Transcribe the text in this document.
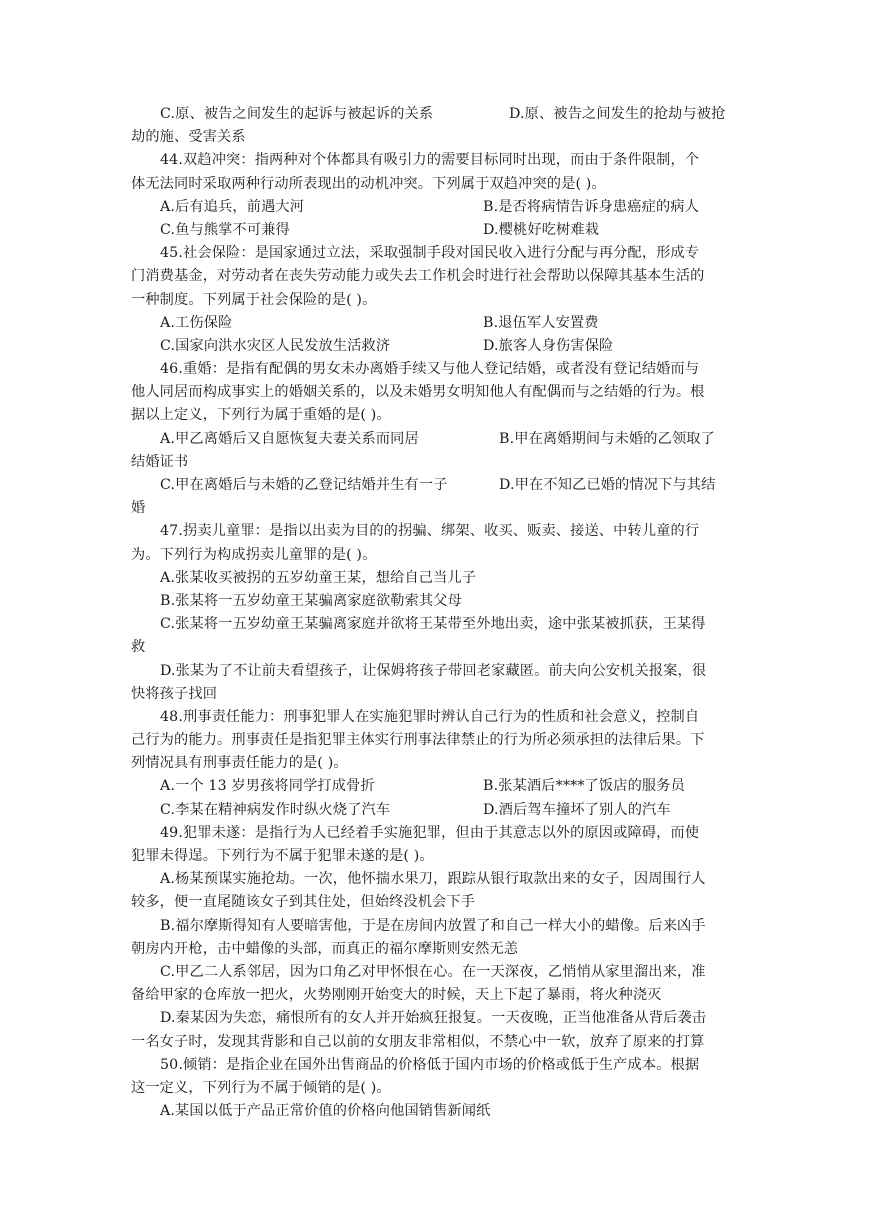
C.原、被告之间发生的起诉与被起诉的关系	D.原、被告之间发生的抢劫与被抢
劫的施、受害关系
44.双趋冲突：指两种对个体都具有吸引力的需要目标同时出现，而由于条件限制，个
体无法同时采取两种行动所表现出的动机冲突。下列属于双趋冲突的是( )。
A.后有追兵，前遇大河	B.是否将病情告诉身患癌症的病人
C.鱼与熊掌不可兼得	D.樱桃好吃树难栽
45.社会保险：是国家通过立法，采取强制手段对国民收入进行分配与再分配，形成专
门消费基金，对劳动者在丧失劳动能力或失去工作机会时进行社会帮助以保障其基本生活的
一种制度。下列属于社会保险的是( )。
A.工伤保险	B.退伍军人安置费
C.国家向洪水灾区人民发放生活救济	D.旅客人身伤害保险
46.重婚：是指有配偶的男女未办离婚手续又与他人登记结婚，或者没有登记结婚而与
他人同居而构成事实上的婚姻关系的，以及未婚男女明知他人有配偶而与之结婚的行为。根
据以上定义，下列行为属于重婚的是( )。
A.甲乙离婚后又自愿恢复夫妻关系而同居	B.甲在离婚期间与未婚的乙领取了
结婚证书
C.甲在离婚后与未婚的乙登记结婚并生有一子	D.甲在不知乙已婚的情况下与其结
婚
47.拐卖儿童罪：是指以出卖为目的的拐骗、绑架、收买、贩卖、接送、中转儿童的行
为。下列行为构成拐卖儿童罪的是( )。
A.张某收买被拐的五岁幼童王某，想给自己当儿子
B.张某将一五岁幼童王某骗离家庭欲勒索其父母
C.张某将一五岁幼童王某骗离家庭并欲将王某带至外地出卖，途中张某被抓获，王某得
救
D.张某为了不让前夫看望孩子，让保姆将孩子带回老家藏匿。前夫向公安机关报案，很
快将孩子找回
48.刑事责任能力：刑事犯罪人在实施犯罪时辨认自己行为的性质和社会意义，控制自
己行为的能力。刑事责任是指犯罪主体实行刑事法律禁止的行为所必须承担的法律后果。下
列情况具有刑事责任能力的是( )。
A.一个 13 岁男孩将同学打成骨折	B.张某酒后****了饭店的服务员
C.李某在精神病发作时纵火烧了汽车	D.酒后驾车撞坏了别人的汽车
49.犯罪未遂：是指行为人已经着手实施犯罪，但由于其意志以外的原因或障碍，而使
犯罪未得逞。下列行为不属于犯罪未遂的是( )。
A.杨某预谋实施抢劫。一次，他怀揣水果刀，跟踪从银行取款出来的女子，因周围行人
较多，便一直尾随该女子到其住处，但始终没机会下手
B.福尔摩斯得知有人要暗害他，于是在房间内放置了和自己一样大小的蜡像。后来凶手
朝房内开枪，击中蜡像的头部，而真正的福尔摩斯则安然无恙
C.甲乙二人系邻居，因为口角乙对甲怀恨在心。在一天深夜，乙悄悄从家里溜出来，准
备给甲家的仓库放一把火，火势刚刚开始变大的时候，天上下起了暴雨，将火种浇灭
D.秦某因为失恋，痛恨所有的女人并开始疯狂报复。一天夜晚，正当他准备从背后袭击
一名女子时，发现其背影和自己以前的女朋友非常相似，不禁心中一软，放弃了原来的打算
50.倾销：是指企业在国外出售商品的价格低于国内市场的价格或低于生产成本。根据
这一定义，下列行为不属于倾销的是( )。
A.某国以低于产品正常价值的价格向他国销售新闻纸
